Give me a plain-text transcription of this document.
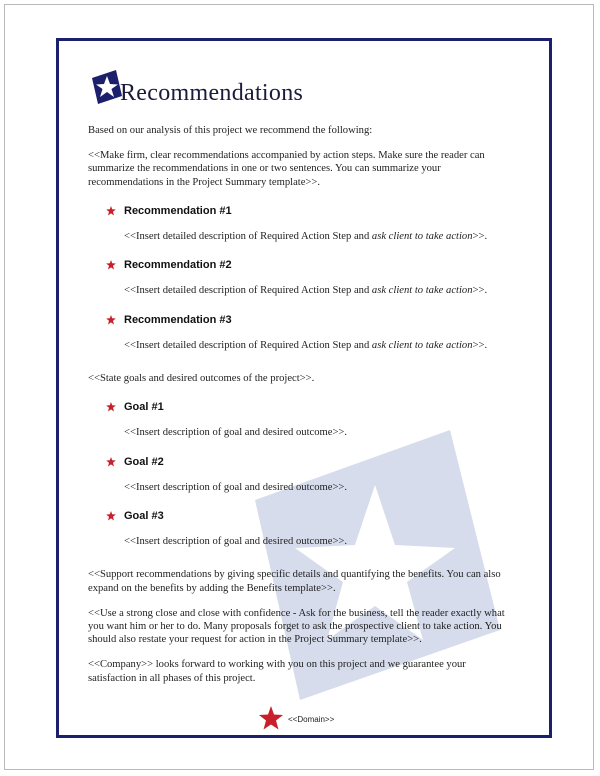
Recommendations

Based on our analysis of this project we recommend the following:

<<Make firm, clear recommendations accompanied by action steps. Make sure the reader can summarize the recommendations in one or two sentences. You can summarize your recommendations in the Project Summary template>>.

Recommendation #1
<<Insert detailed description of Required Action Step and ask client to take action>>.
Recommendation #2
<<Insert detailed description of Required Action Step and ask client to take action>>.
Recommendation #3
<<Insert detailed description of Required Action Step and ask client to take action>>.

<<State goals and desired outcomes of the project>>.

Goal #1
<<Insert description of goal and desired outcome>>.
Goal #2
<<Insert description of goal and desired outcome>>.
Goal #3
<<Insert description of goal and desired outcome>>.

<<Support recommendations by giving specific details and quantifying the benefits. You can also expand on the benefits by adding the Benefits template>>.

<<Use a strong close and close with confidence - Ask for the business, tell the reader exactly what you want him or her to do. Many proposals forget to ask the prospective client to take action. You should also restate your request for action in the Project Summary template>>.

<<Company>> looks forward to working with you on this project and we guarantee your satisfaction in all phases of this project.

<<Domain>>
